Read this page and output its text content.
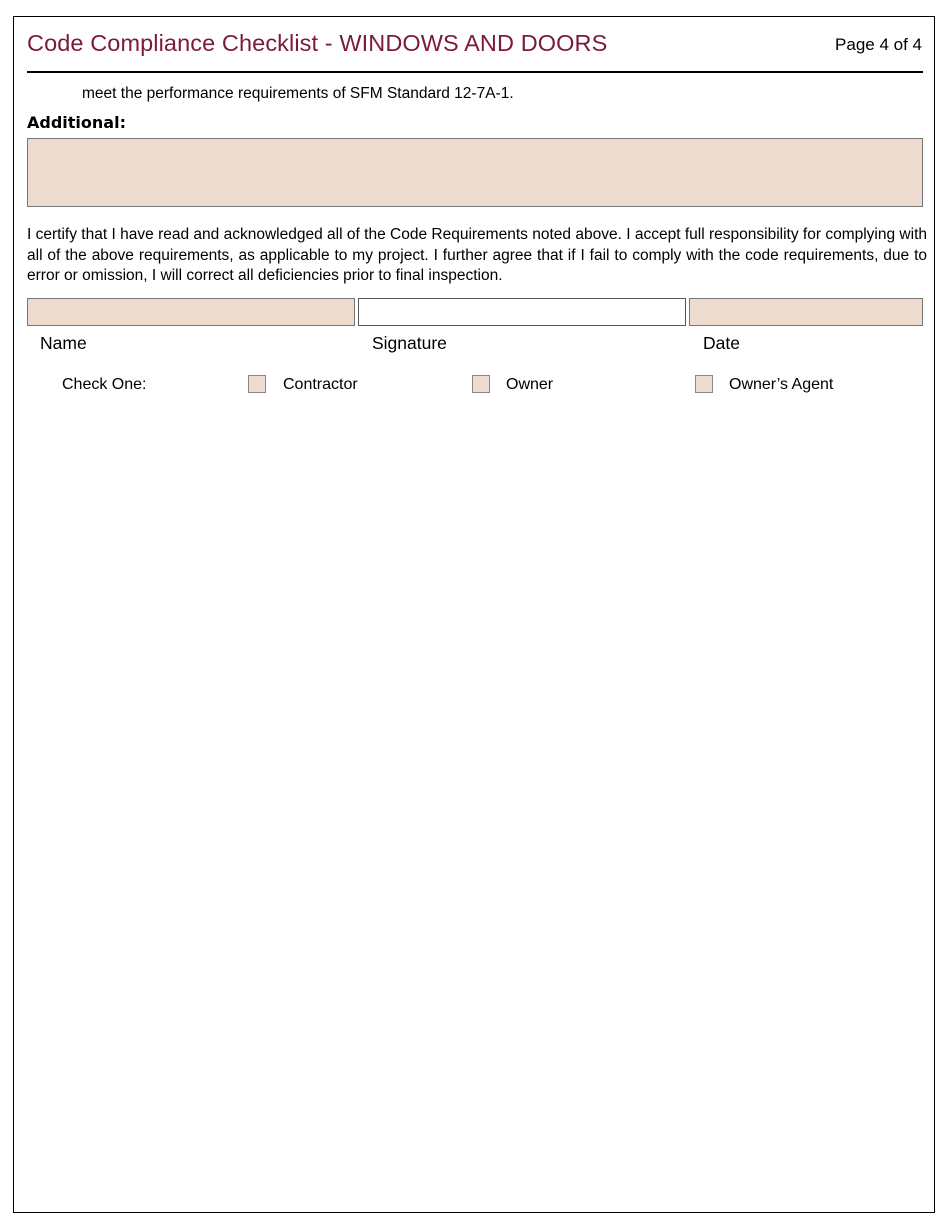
Code Compliance Checklist - WINDOWS AND DOORS	Page 4 of 4
meet the performance requirements of SFM Standard 12-7A-1.
Additional:
I certify that I have read and acknowledged all of the Code Requirements noted above. I accept full responsibility for complying with all of the above requirements, as applicable to my project. I further agree that if I fail to comply with the code requirements, due to error or omission, I will correct all deficiencies prior to final inspection.
Name	Signature	Date
Check One:	Contractor	Owner	Owner’s Agent
